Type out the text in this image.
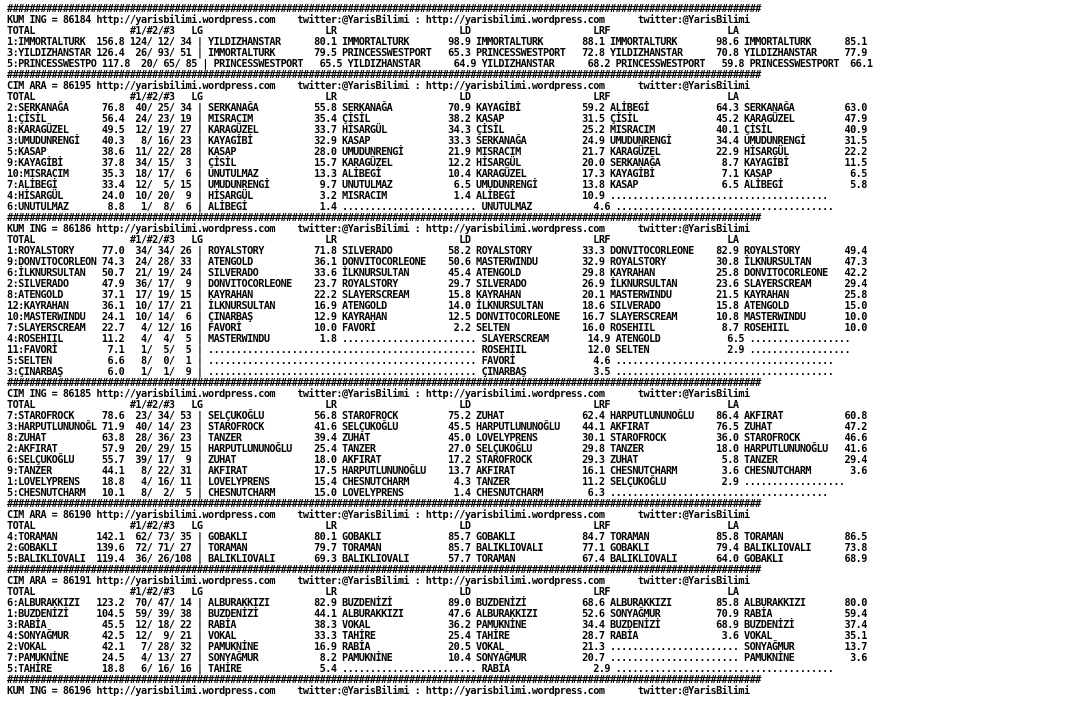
#######################################################################################################################################
KUM ING = 86184 http://yarisbilimi.wordpress.com    twitter:@YarisBilimi : http://yarisbilimi.wordpress.com      twitter:@YarisBilimi
TOTAL                 #1/#2/#3   LG                      LR                      LD                      LRF                     LA
1:IMMORTALTURK  156.8 124/ 12/ 34 | YILDIZHANSTAR      80.1 IMMORTALTURK       98.9 IMMORTALTURK       88.1 IMMORTALTURK       98.6 IMMORTALTURK      85.1
3:YILDIZHANSTAR 126.4  26/ 93/ 51 | IMMORTALTURK       79.5 PRINCESSWESTPORT   65.3 PRINCESSWESTPORT   72.8 YILDIZHANSTAR      70.8 YILDIZHANSTAR     77.9
5:PRINCESSWESTPO 117.8  20/ 65/ 85 | PRINCESSWESTPORT   65.5 YILDIZHANSTAR      64.9 YILDIZHANSTAR      68.2 PRINCESSWESTPORT   59.8 PRINCESSWESTPORT  66.1
#######################################################################################################################################
CIM ARA = 86195 http://yarisbilimi.wordpress.com    twitter:@YarisBilimi : http://yarisbilimi.wordpress.com      twitter:@YarisBilimi
TOTAL                 #1/#2/#3   LG                      LR                      LD                      LRF                     LA
2:SERKANAĞA      76.8  40/ 25/ 34 | SERKANAĞA          55.8 SERKANAĞA          70.9 KAYAGİBİ           59.2 ALİBEGİ            64.3 SERKANAĞA         63.0
1:ÇİSİL          56.4  24/ 23/ 19 | MISRACIM           35.4 ÇİSİL              38.2 KASAP              31.5 ÇİSİL              45.2 KARAGÜZEL         47.9
8:KARAGÜZEL      49.5  12/ 19/ 27 | KARAGÜZEL          33.7 HİSARGÜL           34.3 ÇİSİL              25.2 MISRACIM           40.1 ÇİSİL             40.9
3:UMUDUNRENGİ    40.3   8/ 16/ 23 | KAYAGİBİ           32.9 KASAP              33.3 SERKANAĞA          24.9 UMUDUNRENGİ        34.4 UMUDUNRENGİ       31.5
5:KASAP          38.6  11/ 22/ 28 | KASAP              28.0 UMUDUNRENGİ        21.9 MISRACIM           21.7 KARAGÜZEL          22.9 HİSARGÜL          22.2
9:KAYAGİBİ       37.8  34/ 15/  3 | ÇİSİL              15.7 KARAGÜZEL          12.2 HİSARGÜL           20.0 SERKANAĞA           8.7 KAYAGİBİ          11.5
10:MISRACIM      35.3  18/ 17/  6 | UNUTULMAZ          13.3 ALİBEGİ            10.4 KARAGÜZEL          17.3 KAYAGİBİ            7.1 KASAP              6.5
7:ALİBEGİ        33.4  12/  5/ 15 | UMUDUNRENGİ         9.7 UNUTULMAZ           6.5 UMUDUNRENGİ        13.8 KASAP               6.5 ALİBEGİ            5.8
4:HİSARGÜL       24.0  10/ 20/  9 | HİSARGÜL            3.2 MISRACIM            1.4 ALİBEGİ            10.9 .......................................
6:UNUTULMAZ       8.8   1/  8/  6 | ALİBEGİ             1.4 ........................ UNUTULMAZ           4.6 .......................................
#######################################################################################################################################
KUM ING = 86186 http://yarisbilimi.wordpress.com    twitter:@YarisBilimi : http://yarisbilimi.wordpress.com      twitter:@YarisBilimi
TOTAL                 #1/#2/#3   LG                      LR                      LD                      LRF                     LA
1:ROYALSTORY     77.0  34/ 34/ 26 | ROYALSTORY         71.8 SILVERADO          58.2 ROYALSTORY         33.3 DONVITOCORLEONE    82.9 ROYALSTORY        49.4
9:DONVITOCORLEON 74.3  24/ 28/ 33 | ATENGOLD           36.1 DONVITOCORLEONE    50.6 MASTERWINDU        32.9 ROYALSTORY         30.8 İLKNURSULTAN      47.3
6:İLKNURSULTAN   50.7  21/ 19/ 24 | SILVERADO          33.6 İLKNURSULTAN       45.4 ATENGOLD           29.8 KAYRAHAN           25.8 DONVITOCORLEONE   42.2
2:SILVERADO      47.9  36/ 17/  9 | DONVITOCORLEONE    23.7 ROYALSTORY         29.7 SILVERADO          26.9 İLKNURSULTAN       23.6 SLAYERSCREAM      29.4
8:ATENGOLD       37.1  17/ 19/ 15 | KAYRAHAN           22.2 SLAYERSCREAM       15.8 KAYRAHAN           20.1 MASTERWINDU        21.5 KAYRAHAN          25.8
12:KAYRAHAN      36.1  10/ 17/ 21 | İLKNURSULTAN       16.9 ATENGOLD           14.0 İLKNURSULTAN       18.6 SILVERADO          15.8 ATENGOLD          15.0
10:MASTERWINDU   24.1  10/ 14/  6 | ÇINARBAŞ           12.9 KAYRAHAN           12.5 DONVITOCORLEONE    16.7 SLAYERSCREAM       10.8 MASTERWINDU       10.0
7:SLAYERSCREAM   22.7   4/ 12/ 16 | FAVORİ             10.0 FAVORİ              2.2 SELTEN             16.0 ROSEHIIL            8.7 ROSEHIIL          10.0
4:ROSEHIIL       11.2   4/  4/  5 | MASTERWINDU         1.8 ........................ SLAYERSCREAM       14.9 ATENGOLD            6.5 ..................
11:FAVORİ         7.1   1/  5/  5 | ................................................ ROSEHIIL           12.0 SELTEN              2.9 ..................
5:SELTEN          6.6   8/  0/  1 | ................................................ FAVORİ              4.6 .......................................
3:ÇINARBAŞ        6.0   1/  1/  9 | ................................................ ÇINARBAŞ            3.5 .......................................
#######################################################################################################################################
CIM ING = 86185 http://yarisbilimi.wordpress.com    twitter:@YarisBilimi : http://yarisbilimi.wordpress.com      twitter:@YarisBilimi
TOTAL                 #1/#2/#3   LG                      LR                      LD                      LRF                     LA
7:STAROFROCK     78.6  23/ 34/ 53 | SELÇUKOĞLU         56.8 STAROFROCK         75.2 ZUHAT              62.4 HARPUTLUNUNOĞLU    86.4 AKFIRAT           60.8
3:HARPUTLUNUNOĞL 71.9  40/ 14/ 23 | STAROFROCK         41.6 SELÇUKOĞLU         45.5 HARPUTLUNUNOĞLU    44.1 AKFIRAT            76.5 ZUHAT             47.2
8:ZUHAT          63.8  28/ 36/ 23 | TANZER             39.4 ZUHAT              45.0 LOVELYPRENS        30.1 STAROFROCK         36.0 STAROFROCK        46.6
2:AKFIRAT        57.9  20/ 29/ 15 | HARPUTLUNUNOĞLU    25.4 TANZER             27.0 SELÇUKOĞLU         29.8 TANZER             18.0 HARPUTLUNUNOĞLU   41.6
6:SELÇUKOĞLU     55.7  39/ 17/  9 | ZUHAT              18.0 AKFIRAT            17.2 STAROFROCK         29.3 ZUHAT               5.8 TANZER            29.4
9:TANZER         44.1   8/ 22/ 31 | AKFIRAT            17.5 HARPUTLUNUNOĞLU    13.7 AKFIRAT            16.1 CHESNUTCHARM        3.6 CHESNUTCHARM       3.6
1:LOVELYPRENS    18.8   4/ 16/ 11 | LOVELYPRENS        15.4 CHESNUTCHARM        4.3 TANZER             11.2 SELÇUKOĞLU          2.9 ..................
5:CHESNUTCHARM   10.1   8/  2/  5 | CHESNUTCHARM       15.0 LOVELYPRENS         1.4 CHESNUTCHARM        6.3 .......................................
#######################################################################################################################################
CIM ARA = 86190 http://yarisbilimi.wordpress.com    twitter:@YarisBilimi : http://yarisbilimi.wordpress.com      twitter:@YarisBilimi
TOTAL                 #1/#2/#3   LG                      LR                      LD                      LRF                     LA
4:TORAMAN       142.1  62/ 73/ 35 | GOBAKLI            80.1 GOBAKLI            85.7 GOBAKLI            84.7 TORAMAN            85.8 TORAMAN           86.5
2:GOBAKLI       139.6  72/ 71/ 27 | TORAMAN            79.7 TORAMAN            85.7 BALIKLIOVALI       77.1 GOBAKLI            79.4 BALIKLIOVALI      73.8
5:BALIKLIOVALI  119.4  36/ 26/108 | BALIKLIOVALI       69.3 BALIKLIOVALI       57.7 TORAMAN            67.4 BALIKLIOVALI       64.0 GOBAKLI           68.9
#######################################################################################################################################
CIM ARA = 86191 http://yarisbilimi.wordpress.com    twitter:@YarisBilimi : http://yarisbilimi.wordpress.com      twitter:@YarisBilimi
TOTAL                 #1/#2/#3   LG                      LR                      LD                      LRF                     LA
6:ALBURAKKIZI   123.2  70/ 47/ 14 | ALBURAKKIZI        82.9 BUZDENİZİ          89.0 BUZDENİZİ          68.6 ALBURAKKIZI        85.8 ALBURAKKIZI       80.0
1:BUZDENİZİ     104.5  59/ 39/ 38 | BUZDENİZİ          44.1 ALBURAKKIZI        47.6 ALBURAKKIZI        52.6 SONYAĞMUR          70.9 RABİA             59.4
3:RABİA          45.5  12/ 18/ 22 | RABİA              38.3 VOKAL              36.2 PAMUKNİNE          34.4 BUZDENİZİ          68.9 BUZDENİZİ         37.4
4:SONYAĞMUR      42.5  12/  9/ 21 | VOKAL              33.3 TAHİRE             25.4 TAHİRE             28.7 RABİA               3.6 VOKAL             35.1
2:VOKAL          42.1   7/ 28/ 32 | PAMUKNİNE          16.9 RABİA              20.5 VOKAL              21.3 ....................... SONYAĞMUR         13.7
7:PAMUKNİNE      24.5   4/ 13/ 27 | SONYAĞMUR           8.2 PAMUKNİNE          10.4 SONYAĞMUR          20.7 ....................... PAMUKNİNE          3.6
5:TAHİRE         18.8   6/ 16/ 16 | TAHİRE              5.4 ........................ RABİA               2.9 .......................................
#######################################################################################################################################
KUM ING = 86196 http://yarisbilimi.wordpress.com    twitter:@YarisBilimi : http://yarisbilimi.wordpress.com      twitter:@YarisBilimi
